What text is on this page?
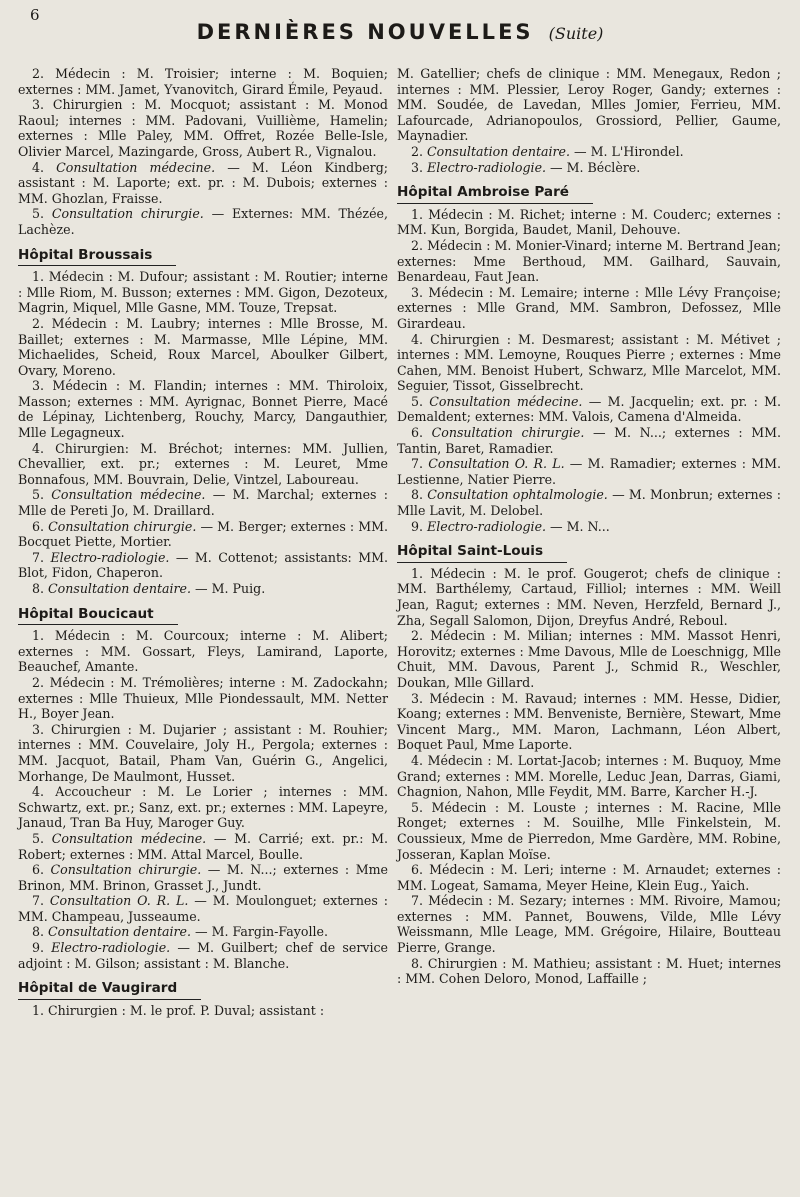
6
DERNIÈRES NOUVELLES (Suite)

2. Médecin : M. Troisier; interne : M. Boquien; externes : MM. Jamet, Yvanovitch, Girard Émile, Peyaud.

3. Chirurgien : M. Mocquot; assistant : M. Monod Raoul; internes : MM. Padovani, Vuillième, Hamelin; externes : Mlle Paley, MM. Offret, Rozée Belle-Isle, Olivier Marcel, Mazingarde, Gross, Aubert R., Vignalou.

4. Consultation médecine. — M. Léon Kindberg; assistant : M. Laporte; ext. pr. : M. Dubois; externes : MM. Ghozlan, Fraisse.

5. Consultation chirurgie. — Externes: MM. Thézée, Lachèze.

Hôpital Broussais

1. Médecin : M. Dufour; assistant : M. Routier; interne : Mlle Riom, M. Busson; externes : MM. Gigon, Dezoteux, Magrin, Miquel, Mlle Gasne, MM. Touze, Trepsat.

2. Médecin : M. Laubry; internes : Mlle Brosse, M. Baillet; externes : M. Marmasse, Mlle Lépine, MM. Michaelides, Scheid, Roux Marcel, Aboulker Gilbert, Ovary, Moreno.

3. Médecin : M. Flandin; internes : MM. Thiroloix, Masson; externes : MM. Ayrignac, Bonnet Pierre, Macé de Lépinay, Lichtenberg, Rouchy, Marcy, Dangauthier, Mlle Legagneux.

4. Chirurgien: M. Bréchot; internes: MM. Jullien, Chevallier, ext. pr.; externes : M. Leuret, Mme Bonnafous, MM. Bouvrain, Delie, Vintzel, Laboureau.

5. Consultation médecine. — M. Marchal; externes : Mlle de Pereti Jo, M. Draillard.

6. Consultation chirurgie. — M. Berger; externes : MM. Bocquet Piette, Mortier.

7. Electro-radiologie. — M. Cottenot; assistants: MM. Blot, Fidon, Chaperon.

8. Consultation dentaire. — M. Puig.

Hôpital Boucicaut

1. Médecin : M. Courcoux; interne : M. Alibert; externes : MM. Gossart, Fleys, Lamirand, Laporte, Beauchef, Amante.

2. Médecin : M. Trémolières; interne : M. Zadockahn; externes : Mlle Thuieux, Mlle Piondessault, MM. Netter H., Boyer Jean.

3. Chirurgien : M. Dujarier ; assistant : M. Rouhier; internes : MM. Couvelaire, Joly H., Pergola; externes : MM. Jacquot, Batail, Pham Van, Guérin G., Angelici, Morhange, De Maulmont, Husset.

4. Accoucheur : M. Le Lorier ; internes : MM. Schwartz, ext. pr.; Sanz, ext. pr.; externes : MM. Lapeyre, Janaud, Tran Ba Huy, Maroger Guy.

5. Consultation médecine. — M. Carrié; ext. pr.: M. Robert; externes : MM. Attal Marcel, Boulle.

6. Consultation chirurgie. — M. N...; externes : Mme Brinon, MM. Brinon, Grasset J., Jundt.

7. Consultation O. R. L. — M. Moulonguet; externes : MM. Champeau, Jusseaume.

8. Consultation dentaire. — M. Fargin-Fayolle.

9. Electro-radiologie. — M. Guilbert; chef de service adjoint : M. Gilson; assistant : M. Blanche.

Hôpital de Vaugirard

1. Chirurgien : M. le prof. P. Duval; assistant :

M. Gatellier; chefs de clinique : MM. Menegaux, Redon ; internes : MM. Plessier, Leroy Roger, Gandy; externes : MM. Soudée, de Lavedan, Mlles Jomier, Ferrieu, MM. Lafourcade, Adrianopoulos, Grossiord, Pellier, Gaume, Maynadier.

2. Consultation dentaire. — M. L'Hirondel.

3. Electro-radiologie. — M. Béclère.

Hôpital Ambroise Paré

1. Médecin : M. Richet; interne : M. Couderc; externes : MM. Kun, Borgida, Baudet, Manil, Dehouve.

2. Médecin : M. Monier-Vinard; interne M. Bertrand Jean; externes: Mme Berthoud, MM. Gailhard, Sauvain, Benardeau, Faut Jean.

3. Médecin : M. Lemaire; interne : Mlle Lévy Françoise; externes : Mlle Grand, MM. Sambron, Defossez, Mlle Girardeau.

4. Chirurgien : M. Desmarest; assistant : M. Métivet ; internes : MM. Lemoyne, Rouques Pierre ; externes : Mme Cahen, MM. Benoist Hubert, Schwarz, Mlle Marcelot, MM. Seguier, Tissot, Gisselbrecht.

5. Consultation médecine. — M. Jacquelin; ext. pr. : M. Demaldent; externes: MM. Valois, Camena d'Almeida.

6. Consultation chirurgie. — M. N...; externes : MM. Tantin, Baret, Ramadier.

7. Consultation O. R. L. — M. Ramadier; externes : MM. Lestienne, Natier Pierre.

8. Consultation ophtalmologie. — M. Monbrun; externes : Mlle Lavit, M. Delobel.

9. Electro-radiologie. — M. N...

Hôpital Saint-Louis

1. Médecin : M. le prof. Gougerot; chefs de clinique : MM. Barthélemy, Cartaud, Filliol; internes : MM. Weill Jean, Ragut; externes : MM. Neven, Herzfeld, Bernard J., Zha, Segall Salomon, Dijon, Dreyfus André, Reboul.

2. Médecin : M. Milian; internes : MM. Massot Henri, Horovitz; externes : Mme Davous, Mlle de Loeschnigg, Mlle Chuit, MM. Davous, Parent J., Schmid R., Weschler, Doukan, Mlle Gillard.

3. Médecin : M. Ravaud; internes : MM. Hesse, Didier, Koang; externes : MM. Benveniste, Bernière, Stewart, Mme Vincent Marg., MM. Maron, Lachmann, Léon Albert, Boquet Paul, Mme Laporte.

4. Médecin : M. Lortat-Jacob; internes : M. Buquoy, Mme Grand; externes : MM. Morelle, Leduc Jean, Darras, Giami, Chagnion, Nahon, Mlle Feydit, MM. Barre, Karcher H.-J.

5. Médecin : M. Louste ; internes : M. Racine, Mlle Ronget; externes : M. Souilhe, Mlle Finkelstein, M. Coussieux, Mme de Pierredon, Mme Gardère, MM. Robine, Josseran, Kaplan Moïse.

6. Médecin : M. Leri; interne : M. Arnaudet; externes : MM. Logeat, Samama, Meyer Heine, Klein Eug., Yaich.

7. Médecin : M. Sezary; internes : MM. Rivoire, Mamou; externes : MM. Pannet, Bouwens, Vilde, Mlle Lévy Weissmann, Mlle Leage, MM. Grégoire, Hilaire, Boutteau Pierre, Grange.

8. Chirurgien : M. Mathieu; assistant : M. Huet; internes : MM. Cohen Deloro, Monod, Laffaille ;
